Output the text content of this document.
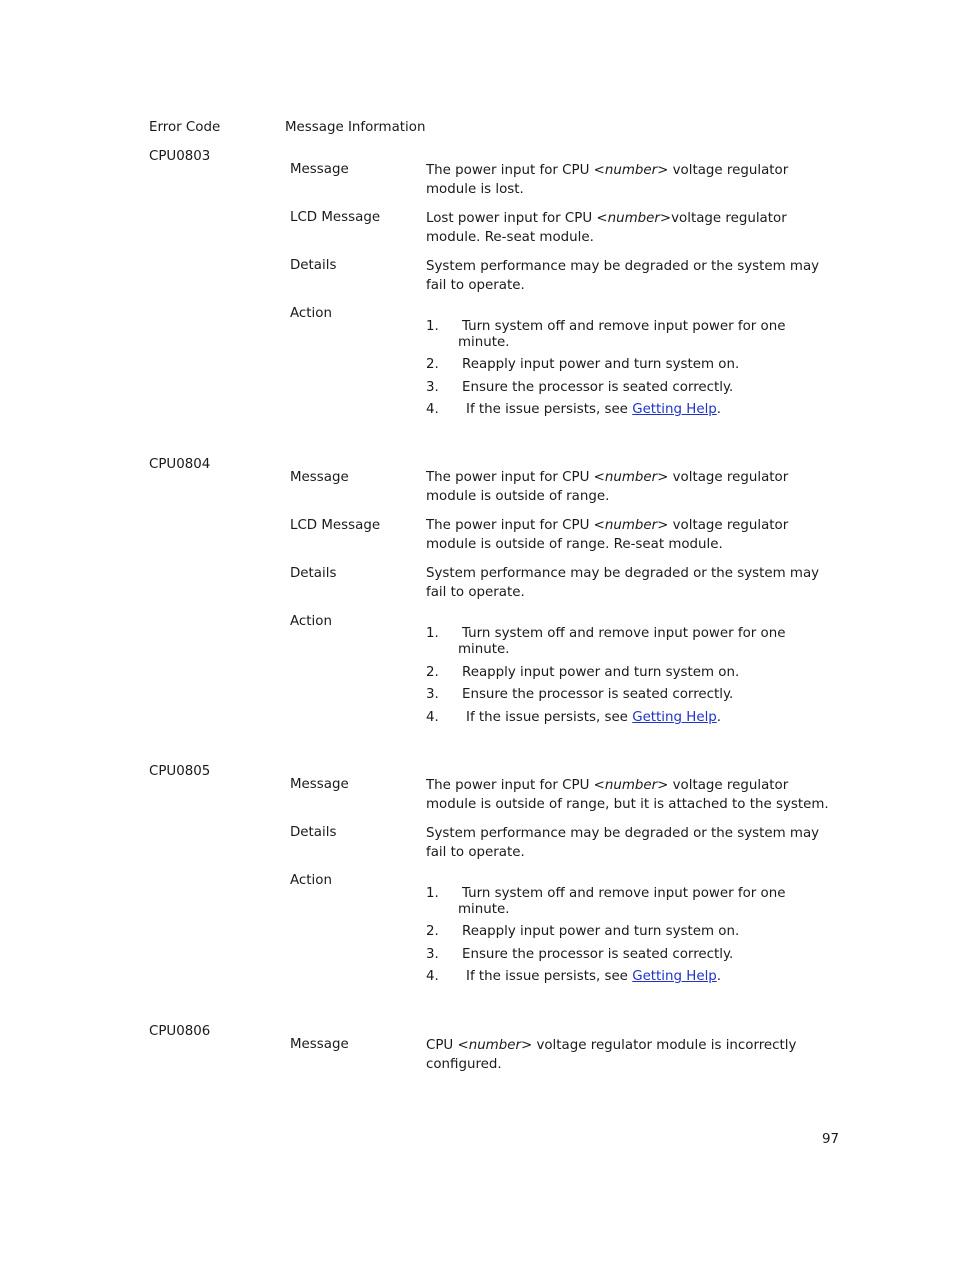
Error Code	Message Information
CPU0803
Message	The power input for CPU <number> voltage regulator
module is lost.
LCD Message	Lost power input for CPU <number>voltage regulator
module. Re-seat module.
Details	System performance may be degraded or the system may
fail to operate.
Action
1. Turn system off and remove input power for one
minute.
2. Reapply input power and turn system on.
3. Ensure the processor is seated correctly.
4. If the issue persists, see Getting Help.
CPU0804
Message	The power input for CPU <number> voltage regulator
module is outside of range.
LCD Message	The power input for CPU <number> voltage regulator
module is outside of range. Re-seat module.
Details	System performance may be degraded or the system may
fail to operate.
Action
1. Turn system off and remove input power for one
minute.
2. Reapply input power and turn system on.
3. Ensure the processor is seated correctly.
4. If the issue persists, see Getting Help.
CPU0805
Message	The power input for CPU <number> voltage regulator
module is outside of range, but it is attached to the system.
Details	System performance may be degraded or the system may
fail to operate.
Action
1. Turn system off and remove input power for one
minute.
2. Reapply input power and turn system on.
3. Ensure the processor is seated correctly.
4. If the issue persists, see Getting Help.
CPU0806
Message	CPU <number> voltage regulator module is incorrectly
configured.
97
